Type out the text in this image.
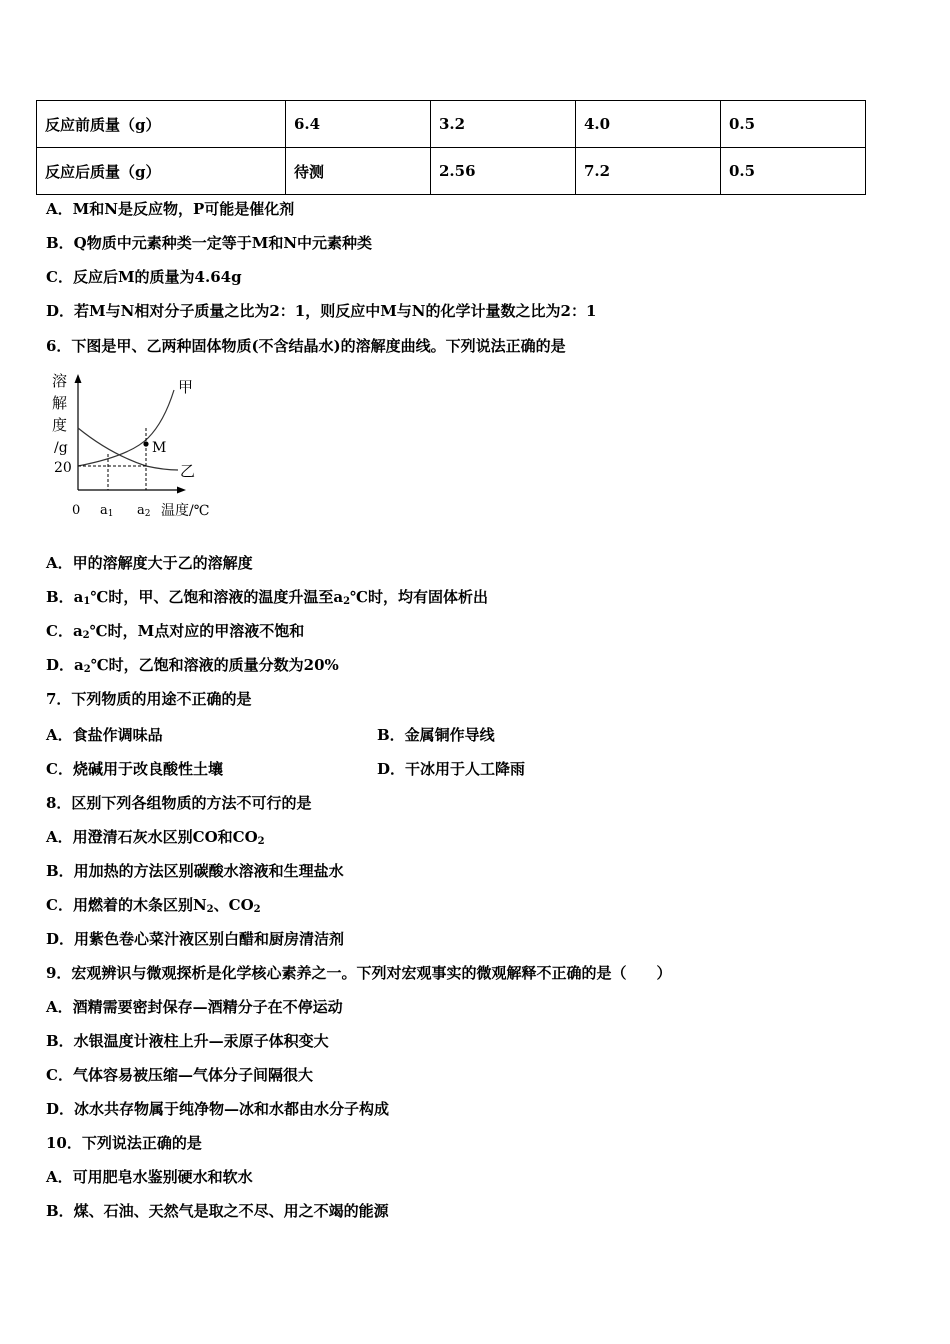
反应前质量（g）	6.4	3.2	4.0	0.5
反应后质量（g）	待测	2.56	7.2	0.5
A．M和N是反应物，P可能是催化剂
B．Q物质中元素种类一定等于M和N中元素种类
C．反应后M的质量为4.64g
D．若M与N相对分子质量之比为2：1，则反应中M与N的化学计量数之比为2：1
6．下图是甲、乙两种固体物质(不含结晶水)的溶解度曲线。下列说法正确的是
溶
解
度
/g
20
M
甲
乙
0 a1 a2 温度/℃
A．甲的溶解度大于乙的溶解度
B．$a_1℃$时，甲、乙饱和溶液的温度升温至$a_2℃$时，均有固体析出
C．$a_2℃$时，M点对应的甲溶液不饱和
D．$a_2℃$时，乙饱和溶液的质量分数为20%
7．下列物质的用途不正确的是
A．食盐作调味品	B．金属铜作导线
C．烧碱用于改良酸性土壤	D．干冰用于人工降雨
8．区别下列各组物质的方法不可行的是
A．用澄清石灰水区别CO和$CO_2$
B．用加热的方法区别碳酸水溶液和生理盐水
C．用燃着的木条区别$N_2$、$CO_2$
D．用紫色卷心菜汁液区别白醋和厨房清洁剂
9．宏观辨识与微观探析是化学核心素养之一。下列对宏观事实的微观解释不正确的是（　　）
A．酒精需要密封保存—酒精分子在不停运动
B．水银温度计液柱上升—汞原子体积变大
C．气体容易被压缩—气体分子间隔很大
D．冰水共存物属于纯净物—冰和水都由水分子构成
10．下列说法正确的是
A．可用肥皂水鉴别硬水和软水
B．煤、石油、天然气是取之不尽、用之不竭的能源
